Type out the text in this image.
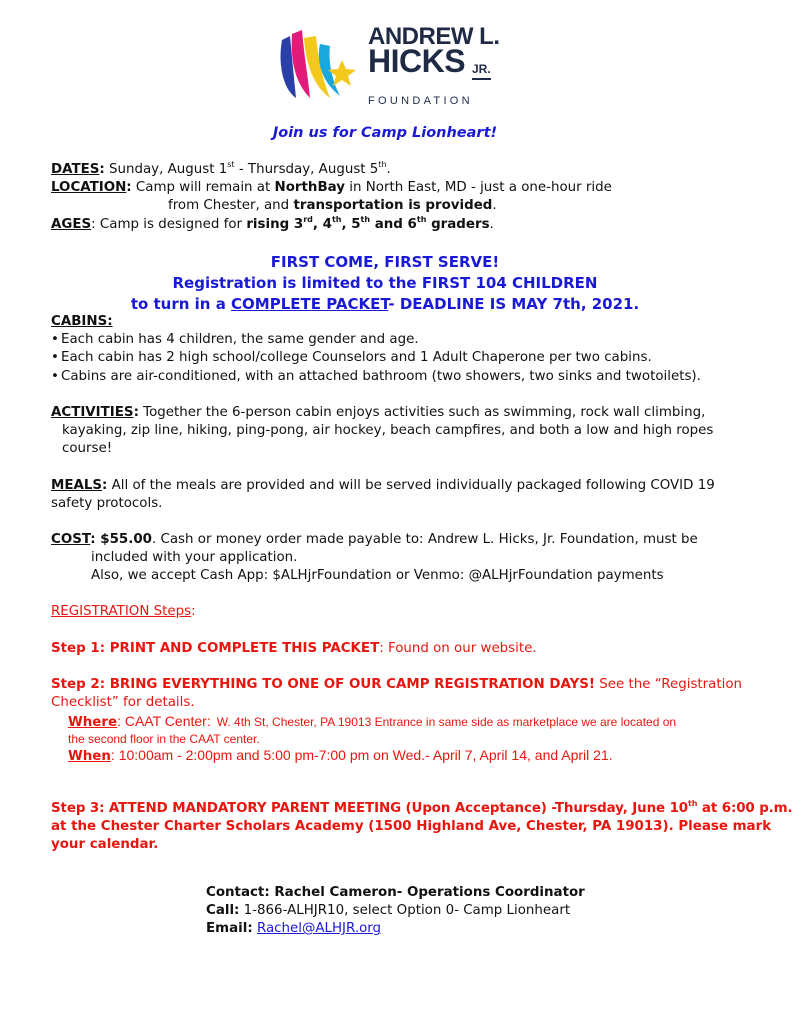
ANDREW L.
HICKS JR.
FOUNDATION
Join us for Camp Lionheart!
DATES: Sunday, August 1st - Thursday, August 5th.
LOCATION: Camp will remain at NorthBay in North East, MD - just a one-hour ride
from Chester, and transportation is provided.
AGES: Camp is designed for rising 3rd, 4th, 5th and 6th graders.
FIRST COME, FIRST SERVE!
Registration is limited to the FIRST 104 CHILDREN
to turn in a COMPLETE PACKET- DEADLINE IS MAY 7th, 2021.
CABINS:
• Each cabin has 4 children, the same gender and age.
• Each cabin has 2 high school/college Counselors and 1 Adult Chaperone per two cabins.
• Cabins are air-conditioned, with an attached bathroom (two showers, two sinks and twotoilets).
ACTIVITIES: Together the 6-person cabin enjoys activities such as swimming, rock wall climbing,
kayaking, zip line, hiking, ping-pong, air hockey, beach campfires, and both a low and high ropes
course!
MEALS: All of the meals are provided and will be served individually packaged following COVID 19
safety protocols.
COST: $55.00. Cash or money order made payable to: Andrew L. Hicks, Jr. Foundation, must be
included with your application.
Also, we accept Cash App: $ALHjrFoundation or Venmo: @ALHjrFoundation payments
REGISTRATION Steps:
Step 1: PRINT AND COMPLETE THIS PACKET: Found on our website.
Step 2: BRING EVERYTHING TO ONE OF OUR CAMP REGISTRATION DAYS! See the “Registration
Checklist” for details.
Where: CAAT Center: W. 4th St, Chester, PA 19013 Entrance in same side as marketplace we are located on
the second floor in the CAAT center.
When: 10:00am - 2:00pm and 5:00 pm-7:00 pm on Wed.- April 7, April 14, and April 21.
Step 3: ATTEND MANDATORY PARENT MEETING (Upon Acceptance) -Thursday, June 10th at 6:00 p.m.
at the Chester Charter Scholars Academy (1500 Highland Ave, Chester, PA 19013). Please mark
your calendar.
Contact: Rachel Cameron- Operations Coordinator
Call: 1-866-ALHJR10, select Option 0- Camp Lionheart
Email: Rachel@ALHJR.org
